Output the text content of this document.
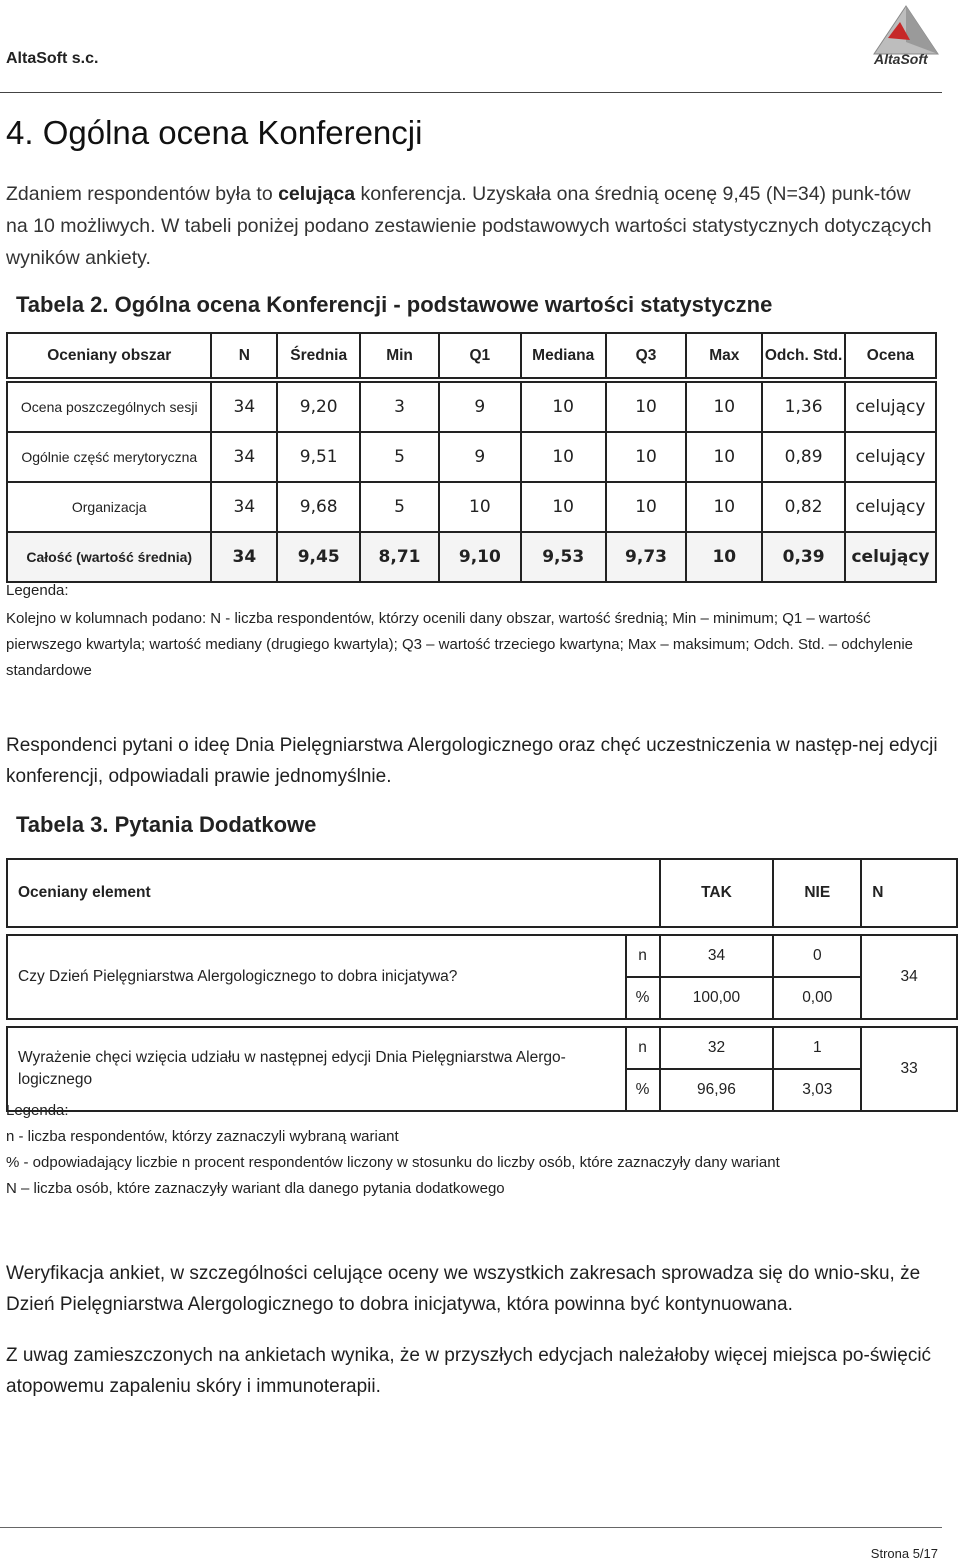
AltaSoft s.c.	AltaSoft
4. Ogólna ocena Konferencji
Zdaniem respondentów była to celująca konferencja. Uzyskała ona średnią ocenę 9,45 (N=34) punk-tów na 10 możliwych. W tabeli poniżej podano zestawienie podstawowych wartości statystycznych dotyczących wyników ankiety.
Tabela 2. Ogólna ocena Konferencji - podstawowe wartości statystyczne
Oceniany obszar	N	Średnia	Min	Q1	Mediana	Q3	Max	Odch. Std.	Ocena

Ocena poszczególnych sesji	34	9,20	3	9	10	10	10	1,36	celujący
Ogólnie część merytoryczna	34	9,51	5	9	10	10	10	0,89	celujący
Organizacja	34	9,68	5	10	10	10	10	0,82	celujący
Całość (wartość średnia)	34	9,45	8,71	9,10	9,53	9,73	10	0,39	celujący
Legenda:
Kolejno w kolumnach podano: N - liczba respondentów, którzy ocenili dany obszar, wartość średnią; Min – minimum; Q1 – wartość pierwszego kwartyla; wartość mediany (drugiego kwartyla); Q3 – wartość trzeciego kwartyna; Max – maksimum; Odch. Std. – odchylenie standardowe
Respondenci pytani o ideę Dnia Pielęgniarstwa Alergologicznego oraz chęć uczestniczenia w następ-nej edycji konferencji, odpowiadali prawie jednomyślnie.
Tabela 3. Pytania Dodatkowe
Oceniany element		TAK	NIE	N

Czy Dzień Pielęgniarstwa Alergologicznego to dobra inicjatywa?	n	34	0	34
	%	100,00	0,00	

Wyrażenie chęci wzięcia udziału w następnej edycji Dnia Pielęgniarstwa Alergo-logicznego	n	32	1	33
	%	96,96	3,03	
Legenda:
n - liczba respondentów, którzy zaznaczyli wybraną wariant
% - odpowiadający liczbie n procent respondentów liczony w stosunku do liczby osób, które zaznaczyły dany wariant
N – liczba osób, które zaznaczyły wariant dla danego pytania dodatkowego
Weryfikacja ankiet, w szczególności celujące oceny we wszystkich zakresach sprowadza się do wnio-sku, że Dzień Pielęgniarstwa Alergologicznego to dobra inicjatywa, która powinna być kontynuowana.
Z uwag zamieszczonych na ankietach wynika, że w przyszłych edycjach należałoby więcej miejsca po-święcić atopowemu zapaleniu skóry i immunoterapii.
Strona 5/17
